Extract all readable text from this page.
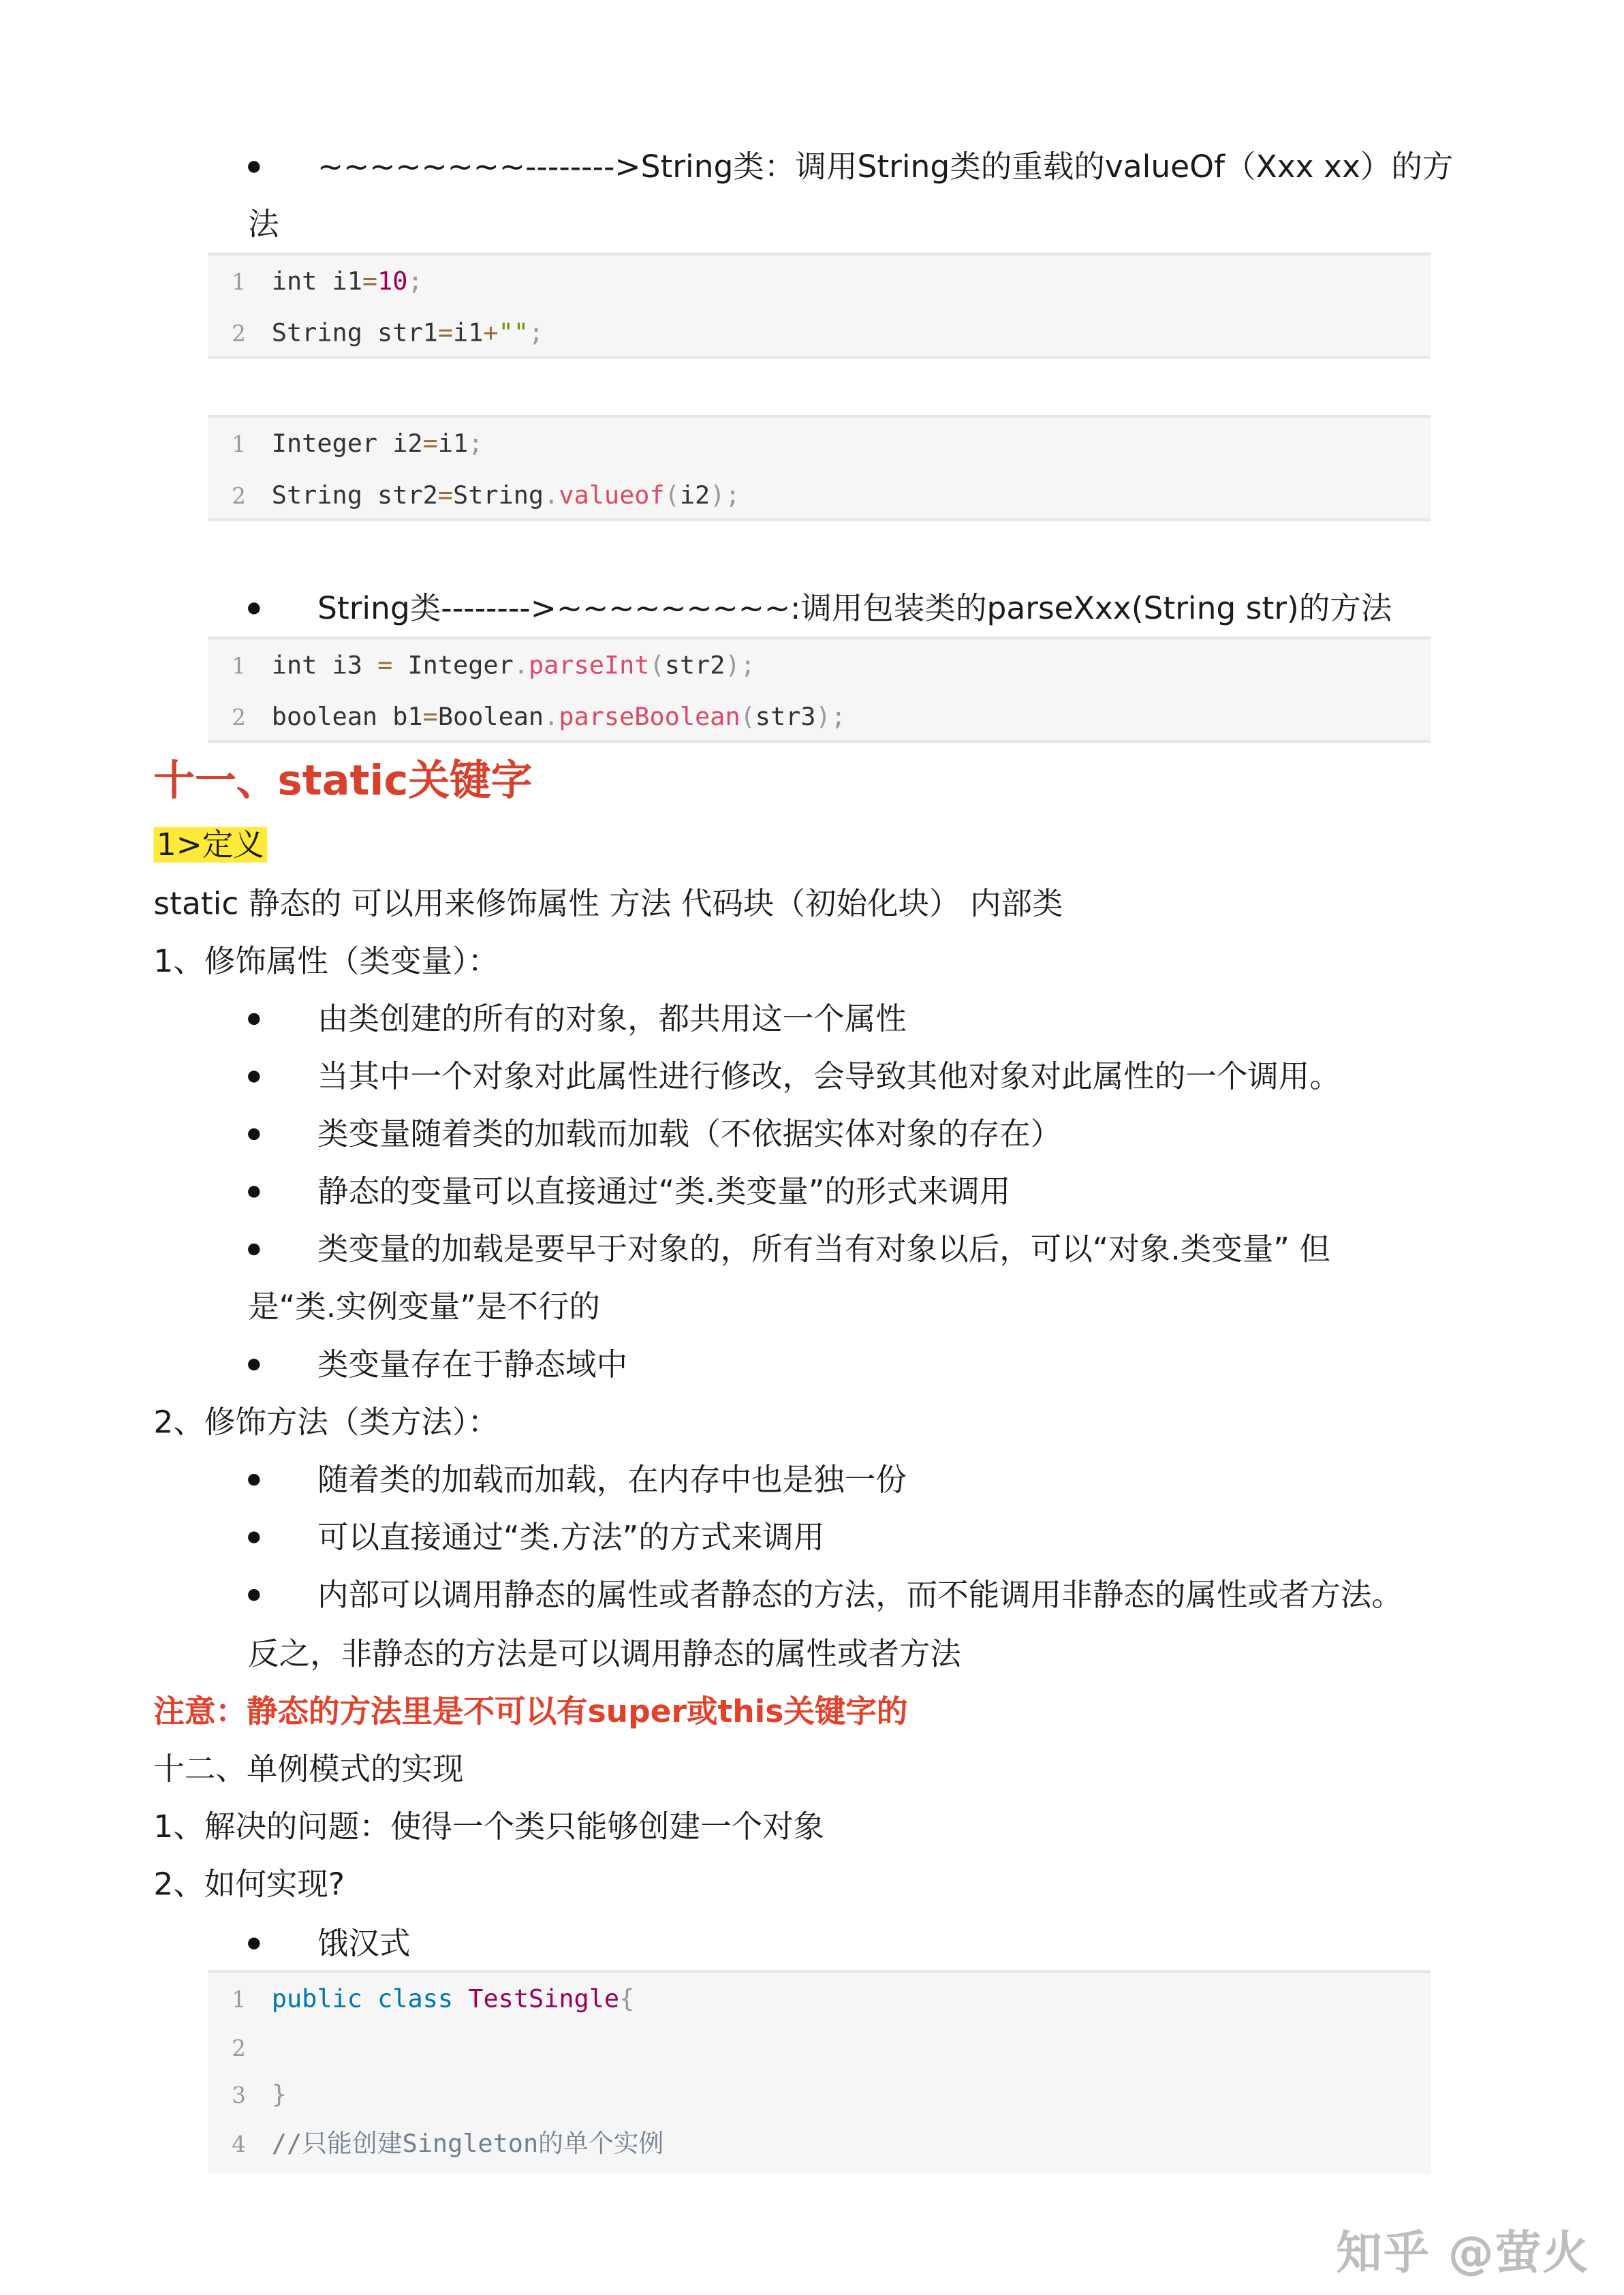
~~~~~~~~-------->String类：调用String类的重载的valueOf（Xxx xx）的方
法
1 int i1=10;
2 String str1=i1+"";
1 Integer i2=i1;
2 String str2=String.valueof(i2);
String类-------->~~~~~~~~~:调用包装类的parseXxx(String str)的方法
1 int i3 = Integer.parseInt(str2);
2 boolean b1=Boolean.parseBoolean(str3);
十一、static关键字
1>定义
static 静态的 可以用来修饰属性 方法 代码块（初始化块） 内部类
1、修饰属性（类变量）：
由类创建的所有的对象，都共用这一个属性
当其中一个对象对此属性进行修改，会导致其他对象对此属性的一个调用。
类变量随着类的加载而加载（不依据实体对象的存在）
静态的变量可以直接通过“类.类变量”的形式来调用
类变量的加载是要早于对象的，所有当有对象以后，可以“对象.类变量” 但
是“类.实例变量”是不行的
类变量存在于静态域中
2、修饰方法（类方法）：
随着类的加载而加载，在内存中也是独一份
可以直接通过“类.方法”的方式来调用
内部可以调用静态的属性或者静态的方法，而不能调用非静态的属性或者方法。
反之，非静态的方法是可以调用静态的属性或者方法
注意：静态的方法里是不可以有super或this关键字的
十二、单例模式的实现
1、解决的问题：使得一个类只能够创建一个对象
2、如何实现?
饿汉式
1 public class TestSingle{
2
3 }
4 //只能创建Singleton的单个实例
知乎 @萤火
